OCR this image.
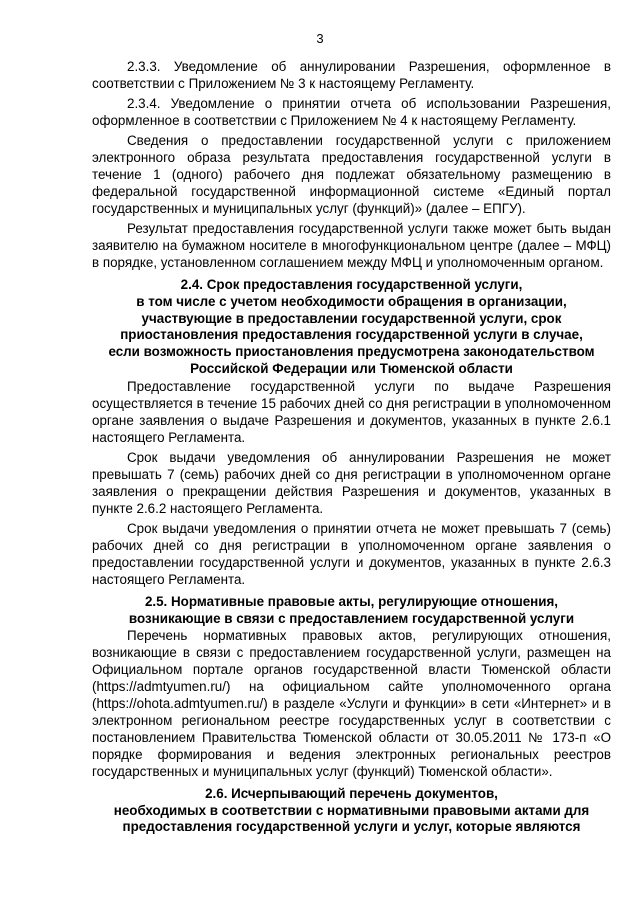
3

2.3.3. Уведомление об аннулировании Разрешения, оформленное в соответствии с Приложением № 3 к настоящему Регламенту.

2.3.4. Уведомление о принятии отчета об использовании Разрешения, оформленное в соответствии с Приложением № 4 к настоящему Регламенту.

Сведения о предоставлении государственной услуги с приложением электронного образа результата предоставления государственной услуги в течение 1 (одного) рабочего дня подлежат обязательному размещению в федеральной государственной информационной системе «Единый портал государственных и муниципальных услуг (функций)» (далее – ЕПГУ).

Результат предоставления государственной услуги также может быть выдан заявителю на бумажном носителе в многофункциональном центре (далее – МФЦ) в порядке, установленном соглашением между МФЦ и уполномоченным органом.

2.4. Срок предоставления государственной услуги,
в том числе с учетом необходимости обращения в организации,
участвующие в предоставлении государственной услуги, срок
приостановления предоставления государственной услуги в случае,
если возможность приостановления предусмотрена законодательством
Российской Федерации или Тюменской области

Предоставление государственной услуги по выдаче Разрешения осуществляется в течение 15 рабочих дней со дня регистрации в уполномоченном органе заявления о выдаче Разрешения и документов, указанных в пункте 2.6.1 настоящего Регламента.

Срок выдачи уведомления об аннулировании Разрешения не может превышать 7 (семь) рабочих дней со дня регистрации в уполномоченном органе заявления о прекращении действия Разрешения и документов, указанных в пункте 2.6.2 настоящего Регламента.

Срок выдачи уведомления о принятии отчета не может превышать 7 (семь) рабочих дней со дня регистрации в уполномоченном органе заявления о предоставлении государственной услуги и документов, указанных в пункте 2.6.3 настоящего Регламента.

2.5. Нормативные правовые акты, регулирующие отношения,
возникающие в связи с предоставлением государственной услуги

Перечень нормативных правовых актов, регулирующих отношения, возникающие в связи с предоставлением государственной услуги, размещен на Официальном портале органов государственной власти Тюменской области (https://admtyumen.ru/) на официальном сайте уполномоченного органа (https://ohota.admtyumen.ru/) в разделе «Услуги и функции» в сети «Интернет» и в электронном региональном реестре государственных услуг в соответствии с постановлением Правительства Тюменской области от 30.05.2011 № 173-п «О порядке формирования и ведения электронных региональных реестров государственных и муниципальных услуг (функций) Тюменской области».

2.6. Исчерпывающий перечень документов,
необходимых в соответствии с нормативными правовыми актами для
предоставления государственной услуги и услуг, которые являются
